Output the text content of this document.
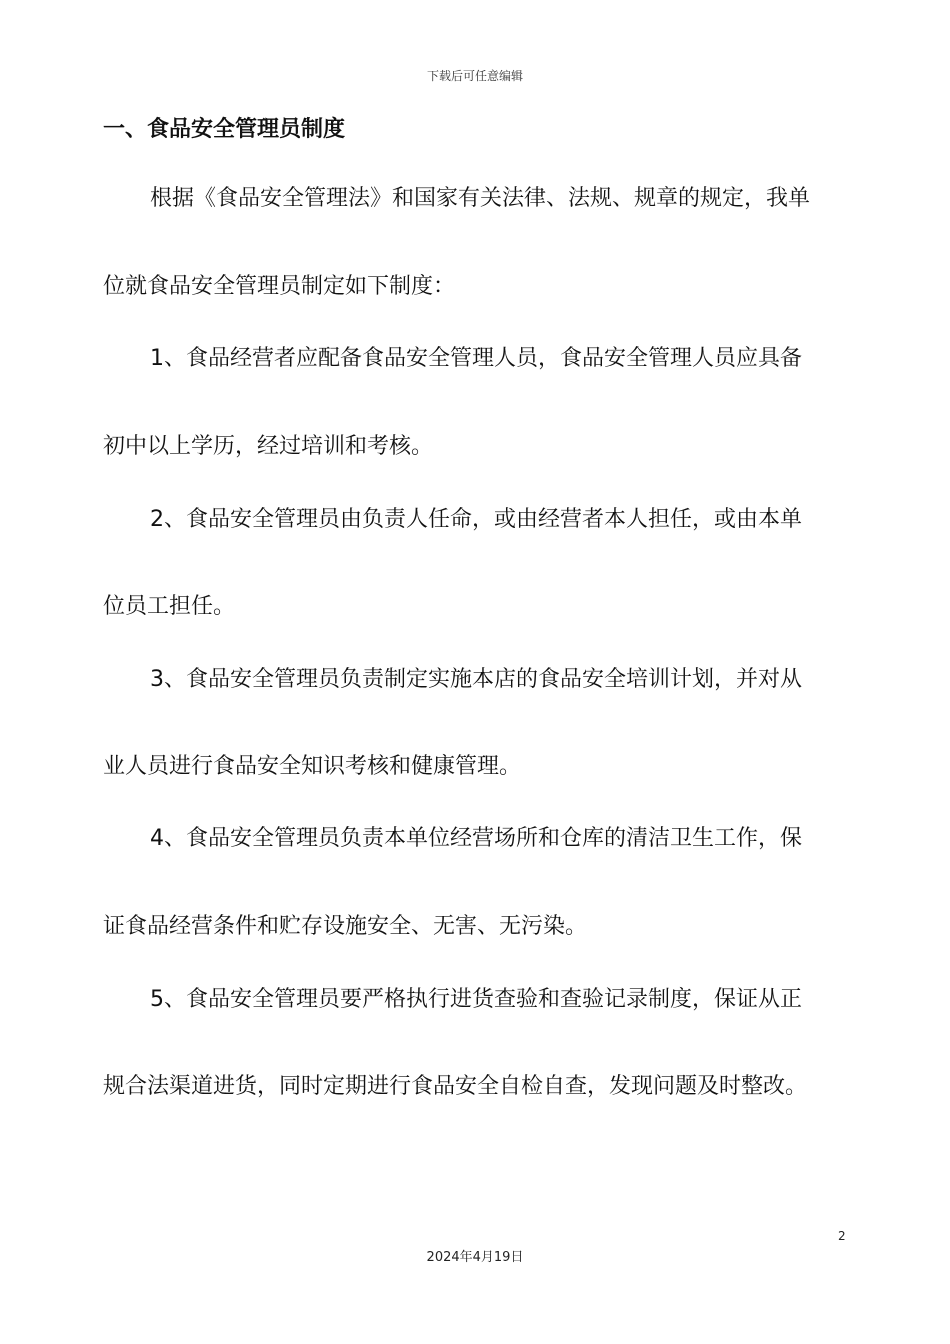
下载后可任意编辑
一、食品安全管理员制度
根据《食品安全管理法》和国家有关法律、法规、规章的规定，我单
位就食品安全管理员制定如下制度：
1、食品经营者应配备食品安全管理人员，食品安全管理人员应具备
初中以上学历，经过培训和考核。
2、食品安全管理员由负责人任命，或由经营者本人担任，或由本单
位员工担任。
3、食品安全管理员负责制定实施本店的食品安全培训计划，并对从
业人员进行食品安全知识考核和健康管理。
4、食品安全管理员负责本单位经营场所和仓库的清洁卫生工作，保
证食品经营条件和贮存设施安全、无害、无污染。
5、食品安全管理员要严格执行进货查验和查验记录制度，保证从正
规合法渠道进货，同时定期进行食品安全自检自查，发现问题及时整改。
2
2024年4月19日
